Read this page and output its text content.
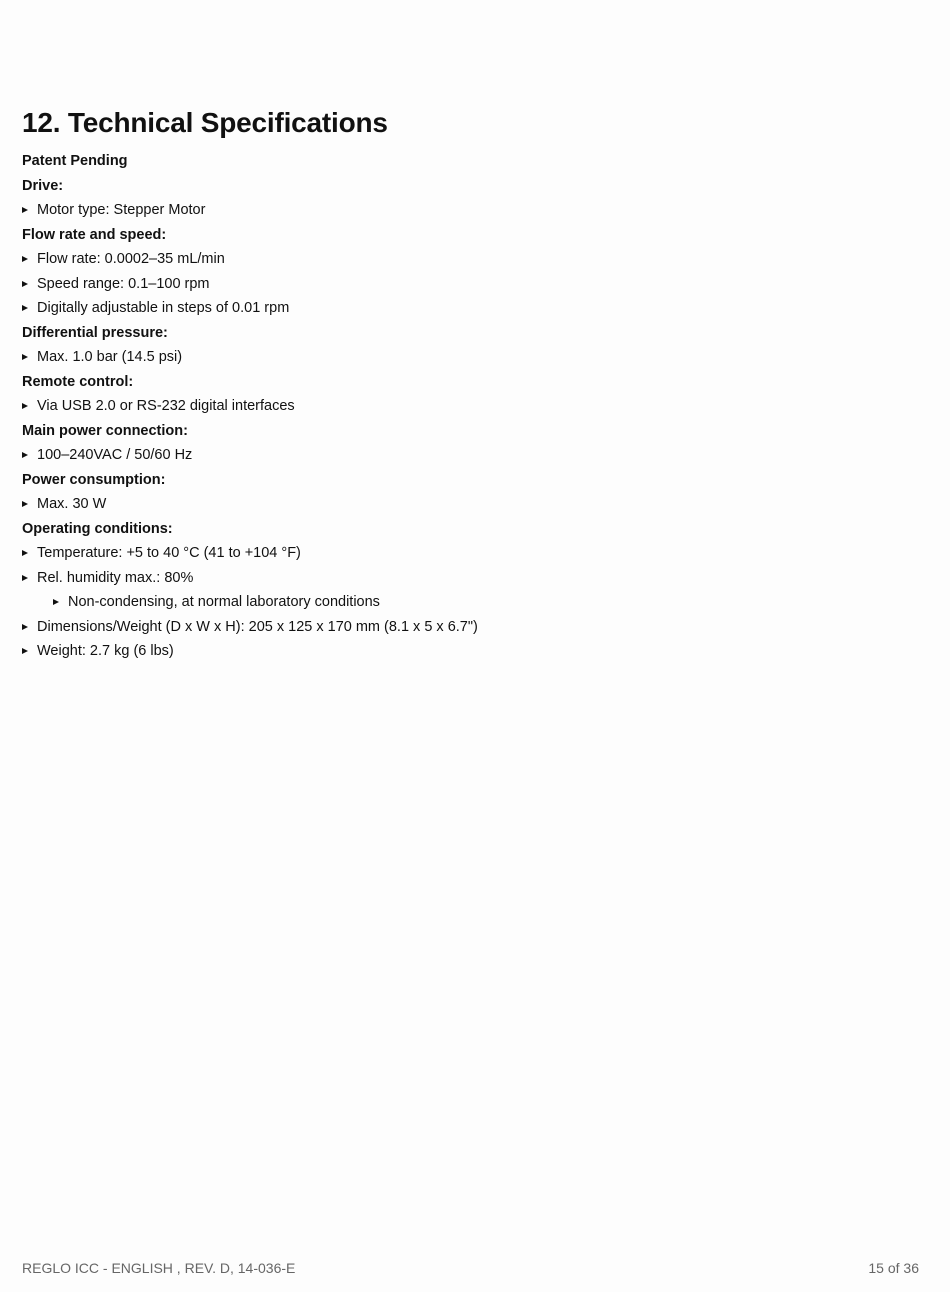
12. Technical Specifications
Patent Pending
Drive:
Motor type: Stepper Motor
Flow rate and speed:
Flow rate: 0.0002–35 mL/min
Speed range: 0.1–100 rpm
Digitally adjustable in steps of 0.01 rpm
Differential pressure:
Max. 1.0 bar (14.5 psi)
Remote control:
Via USB 2.0 or RS-232 digital interfaces
Main power connection:
100–240VAC / 50/60 Hz
Power consumption:
Max. 30 W
Operating conditions:
Temperature: +5 to 40 °C (41 to +104 °F)
Rel. humidity max.: 80%
Non-condensing, at normal laboratory conditions
Dimensions/Weight (D x W x H): 205 x 125 x 170 mm (8.1 x 5 x 6.7")
Weight: 2.7 kg (6 lbs)
REGLO ICC - ENGLISH , REV. D, 14-036-E	15 of 36
